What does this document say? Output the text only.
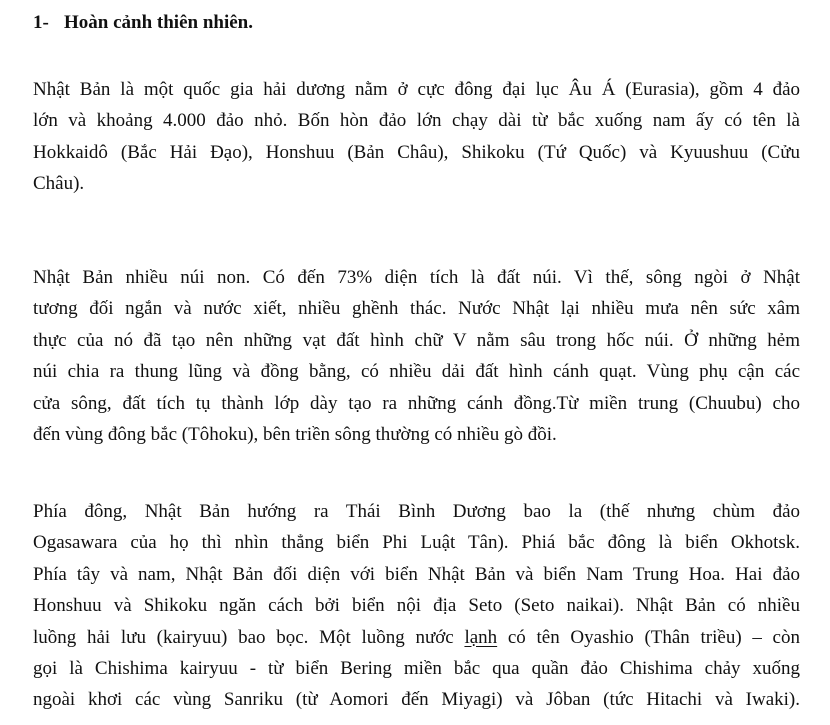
1- Hoàn cảnh thiên nhiên.
Nhật Bản là một quốc gia hải dương nằm ở cực đông đại lục Âu Á (Eurasia), gồm 4 đảo
lớn và khoảng 4.000 đảo nhỏ. Bốn hòn đảo lớn chạy dài từ bắc xuống nam ấy có tên là
Hokkaidô (Bắc Hải Đạo), Honshuu (Bản Châu), Shikoku (Tứ Quốc) và Kyuushuu (Cửu
Châu).
Nhật Bản nhiều núi non. Có đến 73% diện tích là đất núi. Vì thế, sông ngòi ở Nhật
tương đối ngắn và nước xiết, nhiều ghềnh thác. Nước Nhật lại nhiều mưa nên sức xâm
thực của nó đã tạo nên những vạt đất hình chữ V nằm sâu trong hốc núi. Ở những hẻm
núi chia ra thung lũng và đồng bằng, có nhiều dải đất hình cánh quạt. Vùng phụ cận các
cửa sông, đất tích tụ thành lớp dày tạo ra những cánh đồng.Từ miền trung (Chuubu) cho
đến vùng đông bắc (Tôhoku), bên triền sông thường có nhiều gò đồi.
Phía đông, Nhật Bản hướng ra Thái Bình Dương bao la (thế nhưng chùm đảo
Ogasawara của họ thì nhìn thẳng biển Phi Luật Tân). Phiá bắc đông là biển Okhotsk.
Phía tây và nam, Nhật Bản đối diện với biển Nhật Bản và biển Nam Trung Hoa. Hai đảo
Honshuu và Shikoku ngăn cách bởi biển nội địa Seto (Seto naikai). Nhật Bản có nhiều
luồng hải lưu (kairyuu) bao bọc. Một luồng nước lạnh có tên Oyashio (Thân triều) – còn
gọi là Chishima kairyuu - từ biển Bering miền bắc qua quần đảo Chishima chảy xuống
ngoài khơi các vùng Sanriku (từ Aomori đến Miyagi) và Jôban (tức Hitachi và Iwaki).
